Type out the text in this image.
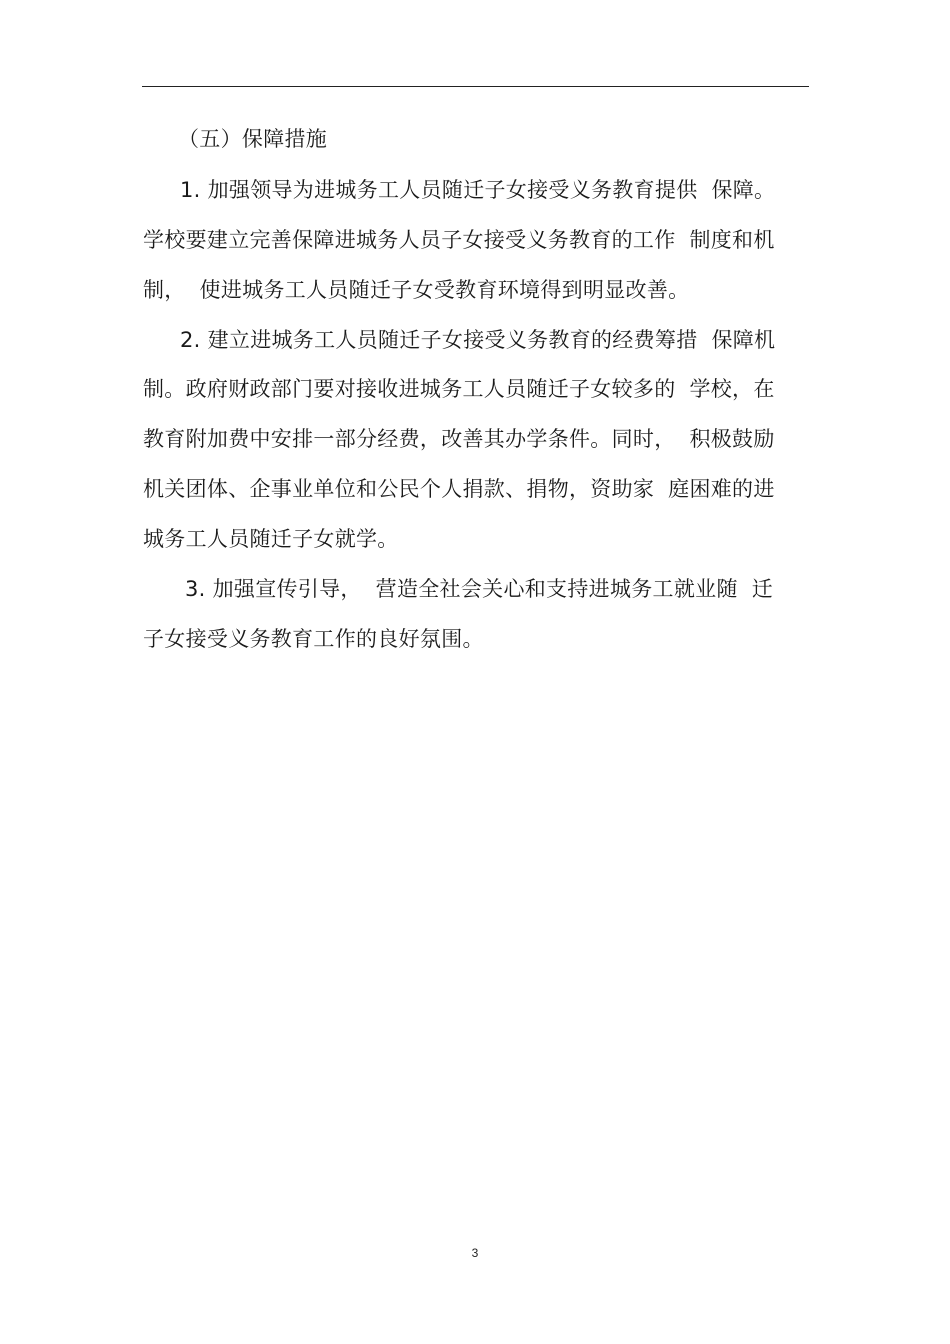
（五）保障措施
1. 加强领导为进城务工人员随迁子女接受义务教育提供  保障。
学校要建立完善保障进城务人员子女接受义务教育的工作  制度和机
制，  使进城务工人员随迁子女受教育环境得到明显改善。
2. 建立进城务工人员随迁子女接受义务教育的经费筹措  保障机
制。政府财政部门要对接收进城务工人员随迁子女较多的  学校，在
教育附加费中安排一部分经费，改善其办学条件。同时，  积极鼓励
机关团体、企事业单位和公民个人捐款、捐物，资助家  庭困难的进
城务工人员随迁子女就学。
3. 加强宣传引导，  营造全社会关心和支持进城务工就业随  迁
子女接受义务教育工作的良好氛围。
3
